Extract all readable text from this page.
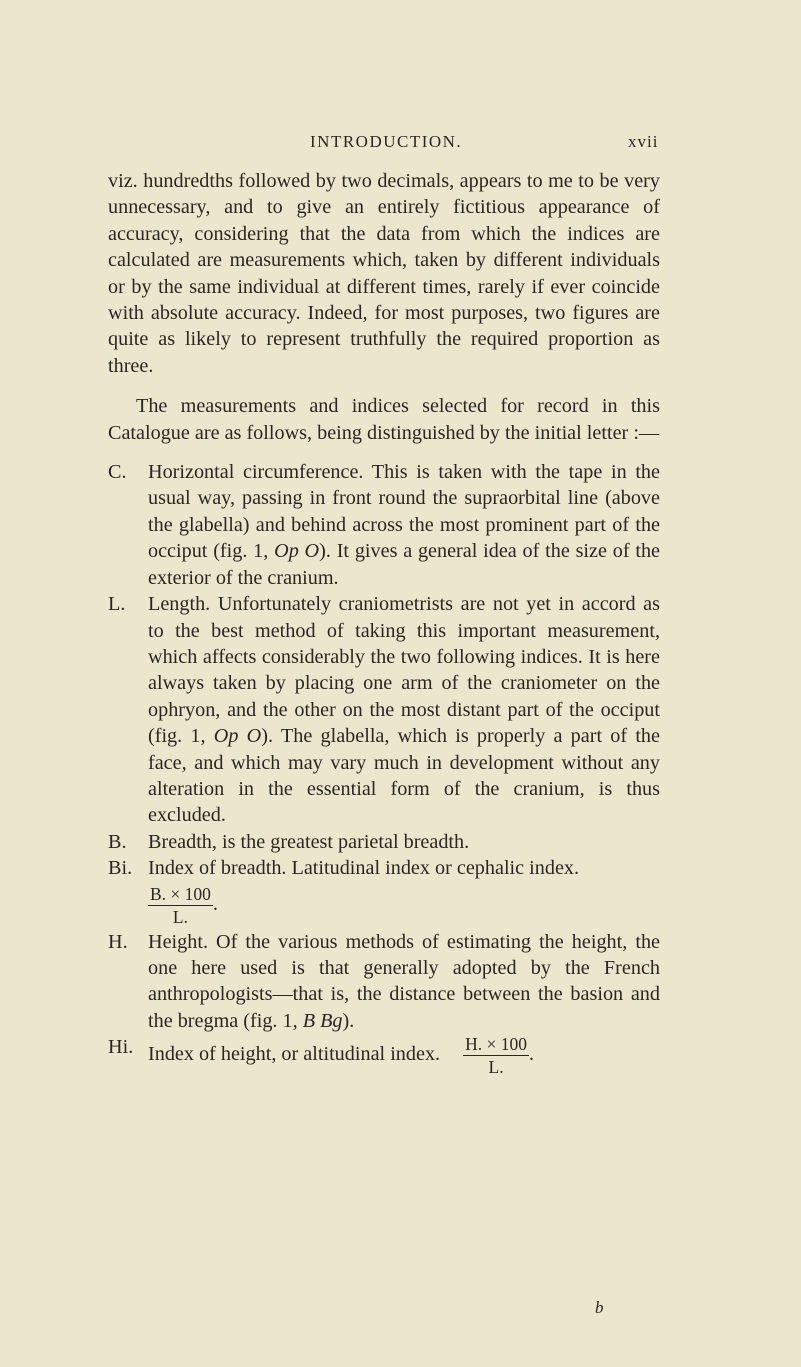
INTRODUCTION.	xvii

viz. hundredths followed by two decimals, appears to me to be very unnecessary, and to give an entirely fictitious appearance of accuracy, considering that the data from which the indices are calculated are measurements which, taken by different individuals or by the same individual at different times, rarely if ever coincide with absolute accuracy. Indeed, for most purposes, two figures are quite as likely to represent truthfully the required proportion as three.

The measurements and indices selected for record in this Catalogue are as follows, being distinguished by the initial letter :—

C. Horizontal circumference. This is taken with the tape in the usual way, passing in front round the supraorbital line (above the glabella) and behind across the most prominent part of the occiput (fig. 1, Op O). It gives a general idea of the size of the exterior of the cranium.

L. Length. Unfortunately craniometrists are not yet in accord as to the best method of taking this important measurement, which affects considerably the two following indices. It is here always taken by placing one arm of the craniometer on the ophryon, and the other on the most distant part of the occiput (fig. 1, Op O). The glabella, which is properly a part of the face, and which may vary much in development without any alteration in the essential form of the cranium, is thus excluded.

B. Breadth, is the greatest parietal breadth.

Bi. Index of breadth. Latitudinal index or cephalic index.

$\frac{B. \times 100}{L.}$ .

H. Height. Of the various methods of estimating the height, the one here used is that generally adopted by the French anthropologists—that is, the distance between the basion and the bregma (fig. 1, B Bg).

Hi. Index of height, or altitudinal index. $\frac{H. \times 100}{L.}$ .

b
